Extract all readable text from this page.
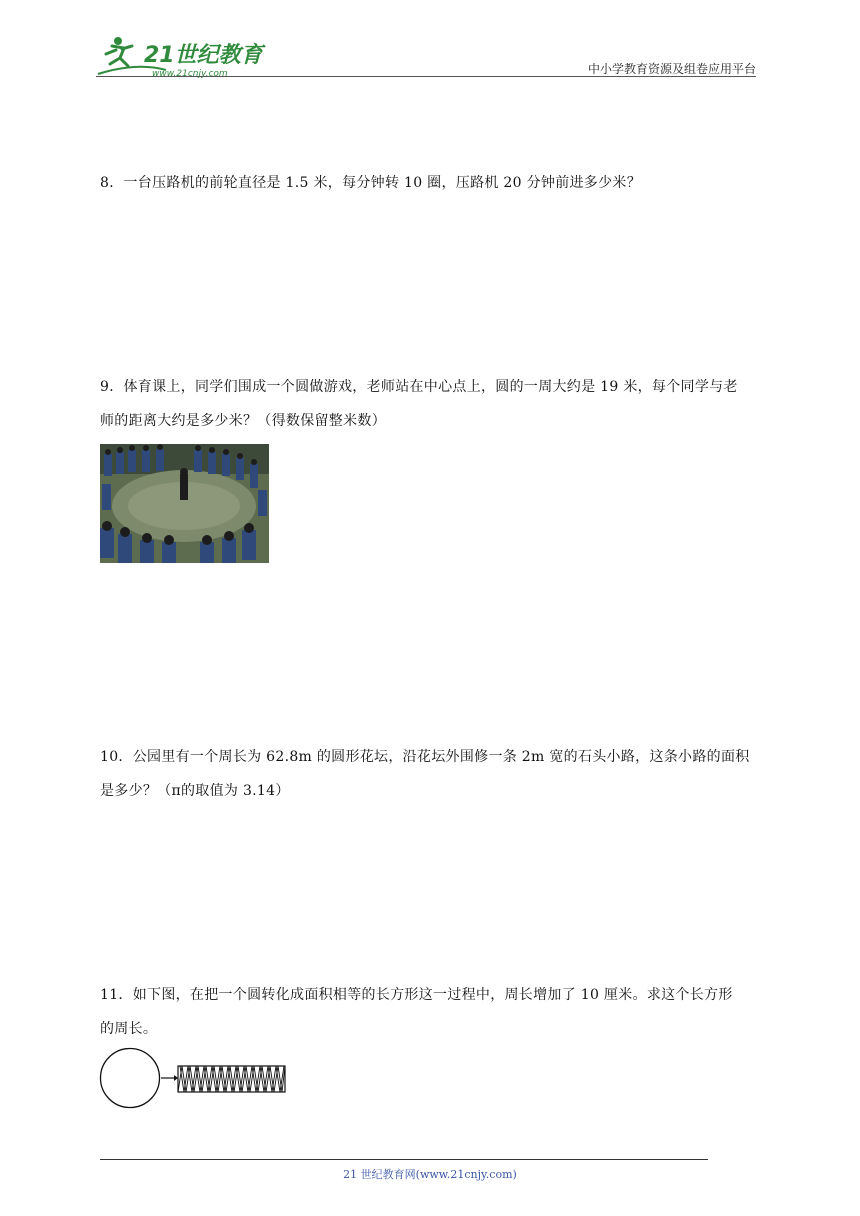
21世纪教育
www.21cnjy.com	中小学教育资源及组卷应用平台
8．一台压路机的前轮直径是 1.5 米，每分钟转 10 圈，压路机 20 分钟前进多少米？
9．体育课上，同学们围成一个圆做游戏，老师站在中心点上，圆的一周大约是 19 米，每个同学与老
师的距离大约是多少米？（得数保留整米数）
10．公园里有一个周长为 62.8m 的圆形花坛，沿花坛外围修一条 2m 宽的石头小路，这条小路的面积
是多少？（π的取值为 3.14）
11．如下图，在把一个圆转化成面积相等的长方形这一过程中，周长增加了 10 厘米。求这个长方形
的周长。
21 世纪教育网(www.21cnjy.com)
